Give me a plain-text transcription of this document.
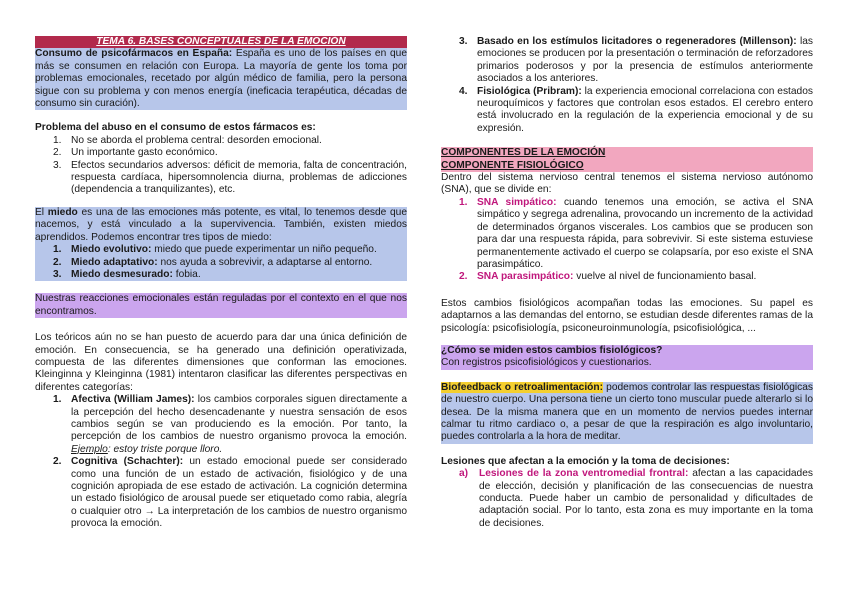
TEMA 6. BASES CONCEPTUALES DE LA EMOCIÓN
Consumo de psicofármacos en España: España es uno de los países en que más se consumen en relación con Europa. La mayoría de gente los toma por problemas emocionales, recetado por algún médico de familia, pero la persona sigue con su problema y con menos energía (ineficacia terapéutica, décadas de consumo sin curación).
Problema del abuso en el consumo de estos fármacos es:
1. No se aborda el problema central: desorden emocional.
2. Un importante gasto económico.
3. Efectos secundarios adversos: déficit de memoria, falta de concentración, respuesta cardíaca, hipersomnolencia diurna, problemas de adicciones (dependencia a tranquilizantes), etc.
El miedo es una de las emociones más potente, es vital, lo tenemos desde que nacemos, y está vinculado a la supervivencia. También, existen miedos aprendidos. Podemos encontrar tres tipos de miedo:
1. Miedo evolutivo: miedo que puede experimentar un niño pequeño.
2. Miedo adaptativo: nos ayuda a sobrevivir, a adaptarse al entorno.
3. Miedo desmesurado: fobia.
Nuestras reacciones emocionales están reguladas por el contexto en el que nos encontramos.
Los teóricos aún no se han puesto de acuerdo para dar una única definición de emoción. En consecuencia, se ha generado una definición operativizada, compuesta de las diferentes dimensiones que conforman las emociones. Kleinginna y Kleinginna (1981) intentaron clasificar las diferentes perspectivas en diferentes categorías:
1. Afectiva (William James): los cambios corporales siguen directamente a la percepción del hecho desencadenante y nuestra sensación de esos cambios según se van produciendo es la emoción. Por tanto, la percepción de los cambios de nuestro organismo provoca la emoción. Ejemplo: estoy triste porque lloro.
2. Cognitiva (Schachter): un estado emocional puede ser considerado como una función de un estado de activación, fisiológico y de una cognición apropiada de ese estado de activación. La cognición determina un estado fisiológico de arousal puede ser etiquetado como rabia, alegría o cualquier otro → La interpretación de los cambios de nuestro organismo provoca la emoción.
3. Basado en los estímulos licitadores o regeneradores (Millenson): las emociones se producen por la presentación o terminación de reforzadores primarios poderosos y por la presencia de estímulos anteriormente asociados a los anteriores.
4. Fisiológica (Pribram): la experiencia emocional correlaciona con estados neuroquímicos y factores que controlan esos estados. El cerebro entero está involucrado en la regulación de la experiencia emocional y de su expresión.
COMPONENTES DE LA EMOCIÓN
COMPONENTE FISIOLÓGICO
Dentro del sistema nervioso central tenemos el sistema nervioso autónomo (SNA), que se divide en:
1. SNA simpático: cuando tenemos una emoción, se activa el SNA simpático y segrega adrenalina, provocando un incremento de la actividad de determinados órganos viscerales. Los cambios que se producen son para dar una respuesta rápida, para sobrevivir. Si este sistema estuviese permanentemente activado el cuerpo se colapsaría, por eso existe el SNA parasimpático.
2. SNA parasimpático: vuelve al nivel de funcionamiento basal.
Estos cambios fisiológicos acompañan todas las emociones. Su papel es adaptarnos a las demandas del entorno, se estudian desde diferentes ramas de la psicología: psicofisiología, psiconeuroinmunología, psicofisiológica, ...
¿Cómo se miden estos cambios fisiológicos?
Con registros psicofisiológicos y cuestionarios.
Biofeedback o retroalimentación: podemos controlar las respuestas fisiológicas de nuestro cuerpo. Una persona tiene un cierto tono muscular puede alterarlo si lo desea. De la misma manera que en un momento de nervios puedes internar calmar tu ritmo cardiaco o, a pesar de que la respiración es algo involuntario, puedes controlarla a la hora de meditar.
Lesiones que afectan a la emoción y la toma de decisiones:
a)	Lesiones de la zona ventromedial frontral: afectan a las capacidades de elección, decisión y planificación de las consecuencias de nuestra conducta. Puede haber un cambio de personalidad y dificultades de adaptación social. Por lo tanto, esta zona es muy importante en la toma de decisiones.
